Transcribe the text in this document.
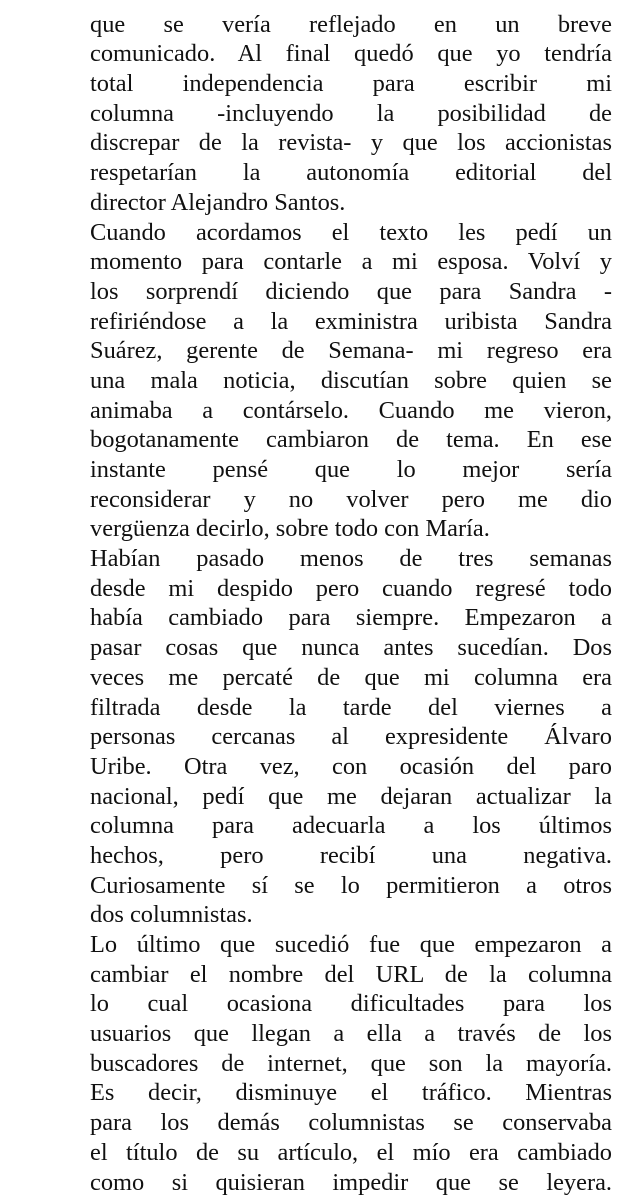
que se vería reflejado en un breve
comunicado. Al final quedó que yo tendría
total independencia para escribir mi
columna -incluyendo la posibilidad de
discrepar de la revista- y que los accionistas
respetarían la autonomía editorial del
director Alejandro Santos.
Cuando acordamos el texto les pedí un
momento para contarle a mi esposa. Volví y
los sorprendí diciendo que para Sandra -
refiriéndose a la exministra uribista Sandra
Suárez, gerente de Semana- mi regreso era
una mala noticia, discutían sobre quien se
animaba a contárselo. Cuando me vieron,
bogotanamente cambiaron de tema. En ese
instante pensé que lo mejor sería
reconsiderar y no volver pero me dio
vergüenza decirlo, sobre todo con María.
Habían pasado menos de tres semanas
desde mi despido pero cuando regresé todo
había cambiado para siempre. Empezaron a
pasar cosas que nunca antes sucedían. Dos
veces me percaté de que mi columna era
filtrada desde la tarde del viernes a
personas cercanas al expresidente Álvaro
Uribe. Otra vez, con ocasión del paro
nacional, pedí que me dejaran actualizar la
columna para adecuarla a los últimos
hechos, pero recibí una negativa.
Curiosamente sí se lo permitieron a otros
dos columnistas.
Lo último que sucedió fue que empezaron a
cambiar el nombre del URL de la columna
lo cual ocasiona dificultades para los
usuarios que llegan a ella a través de los
buscadores de internet, que son la mayoría.
Es decir, disminuye el tráfico. Mientras
para los demás columnistas se conservaba
el título de su artículo, el mío era cambiado
como si quisieran impedir que se leyera.
